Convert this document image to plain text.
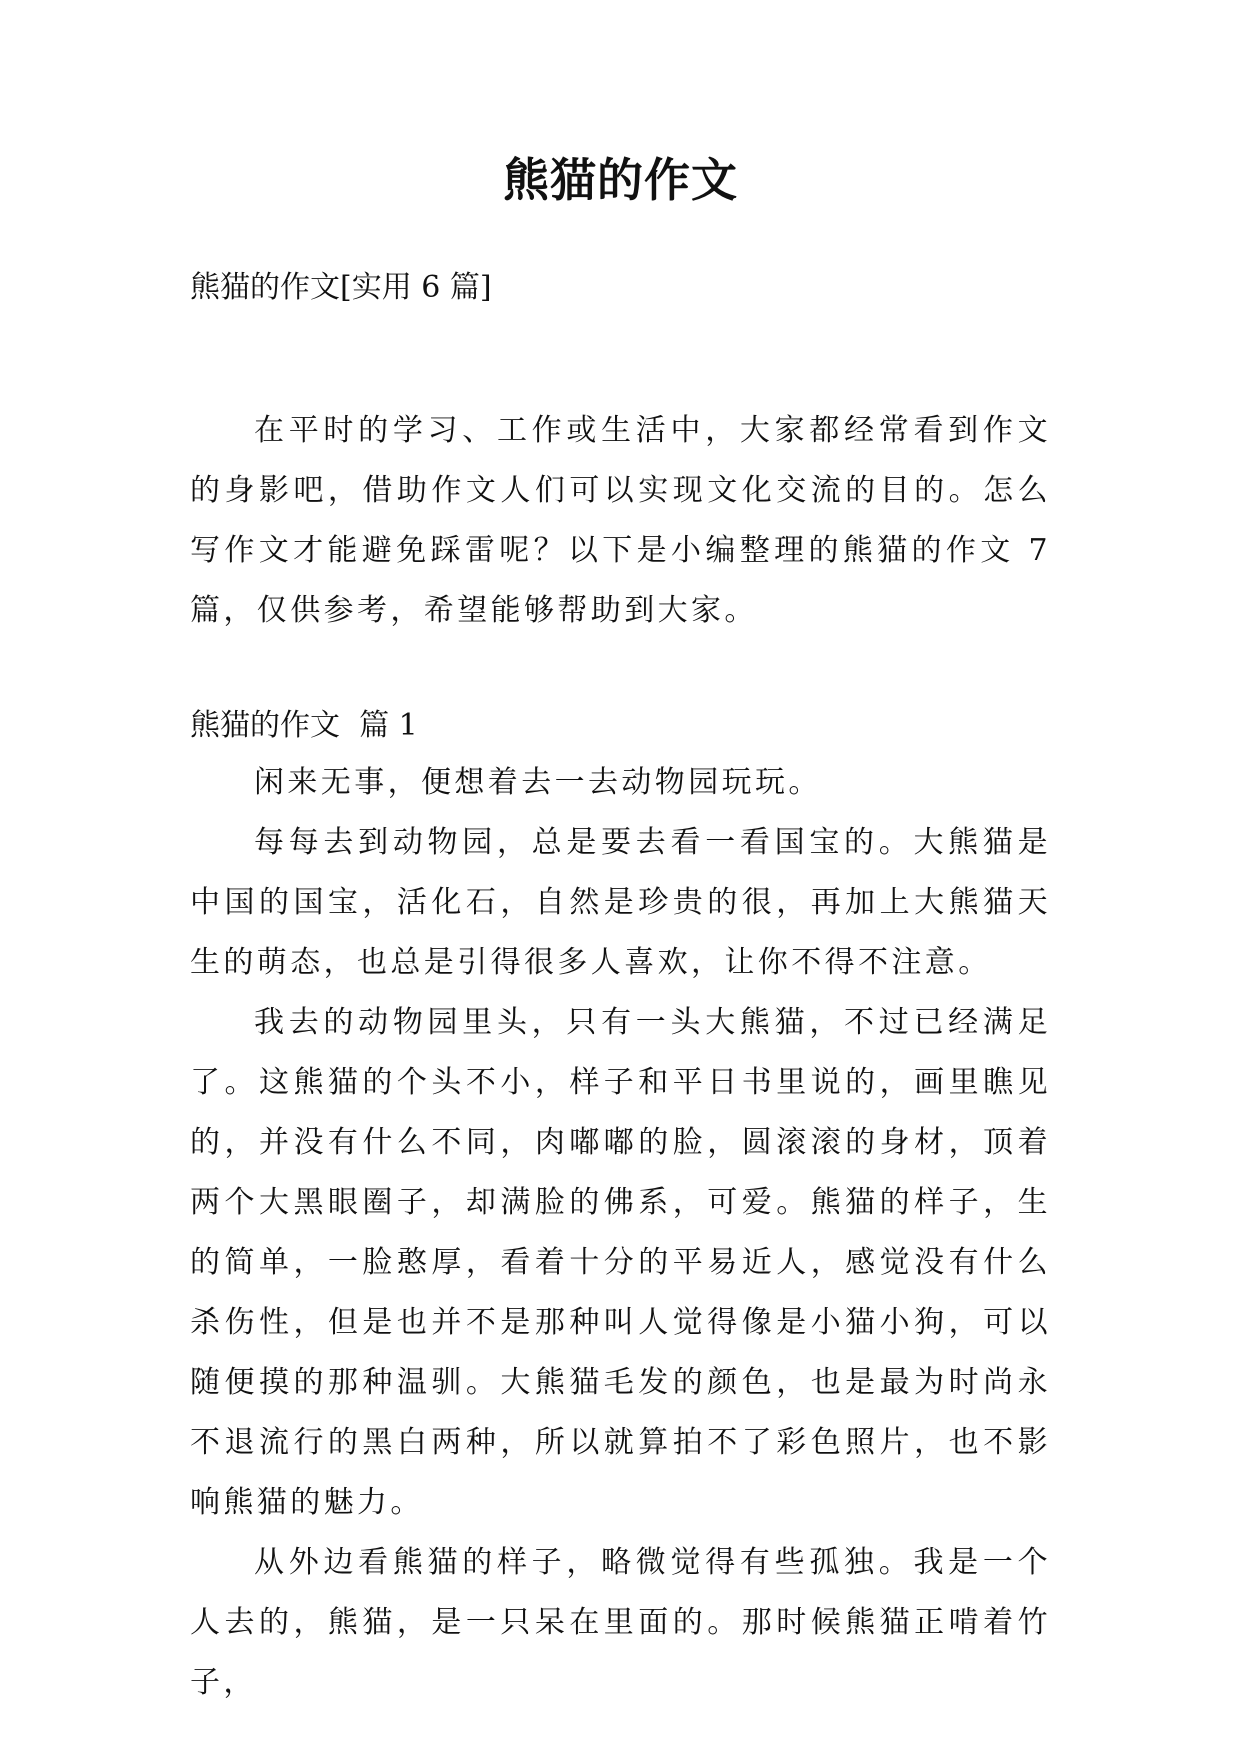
熊猫的作文
熊猫的作文[实用 6 篇]

在平时的学习、工作或生活中，大家都经常看到作文的身影吧，借助作文人们可以实现文化交流的目的。怎么写作文才能避免踩雷呢？以下是小编整理的熊猫的作文 7 篇，仅供参考，希望能够帮助到大家。

熊猫的作文  篇 1

闲来无事，便想着去一去动物园玩玩。

每每去到动物园，总是要去看一看国宝的。大熊猫是中国的国宝，活化石，自然是珍贵的很，再加上大熊猫天生的萌态，也总是引得很多人喜欢，让你不得不注意。

我去的动物园里头，只有一头大熊猫，不过已经满足了。这熊猫的个头不小，样子和平日书里说的，画里瞧见的，并没有什么不同，肉嘟嘟的脸，圆滚滚的身材，顶着两个大黑眼圈子，却满脸的佛系，可爱。熊猫的样子，生的简单，一脸憨厚，看着十分的平易近人，感觉没有什么杀伤性，但是也并不是那种叫人觉得像是小猫小狗，可以随便摸的那种温驯。大熊猫毛发的颜色，也是最为时尚永不退流行的黑白两种，所以就算拍不了彩色照片，也不影响熊猫的魅力。

从外边看熊猫的样子，略微觉得有些孤独。我是一个人去的，熊猫，是一只呆在里面的。那时候熊猫正啃着竹子，
